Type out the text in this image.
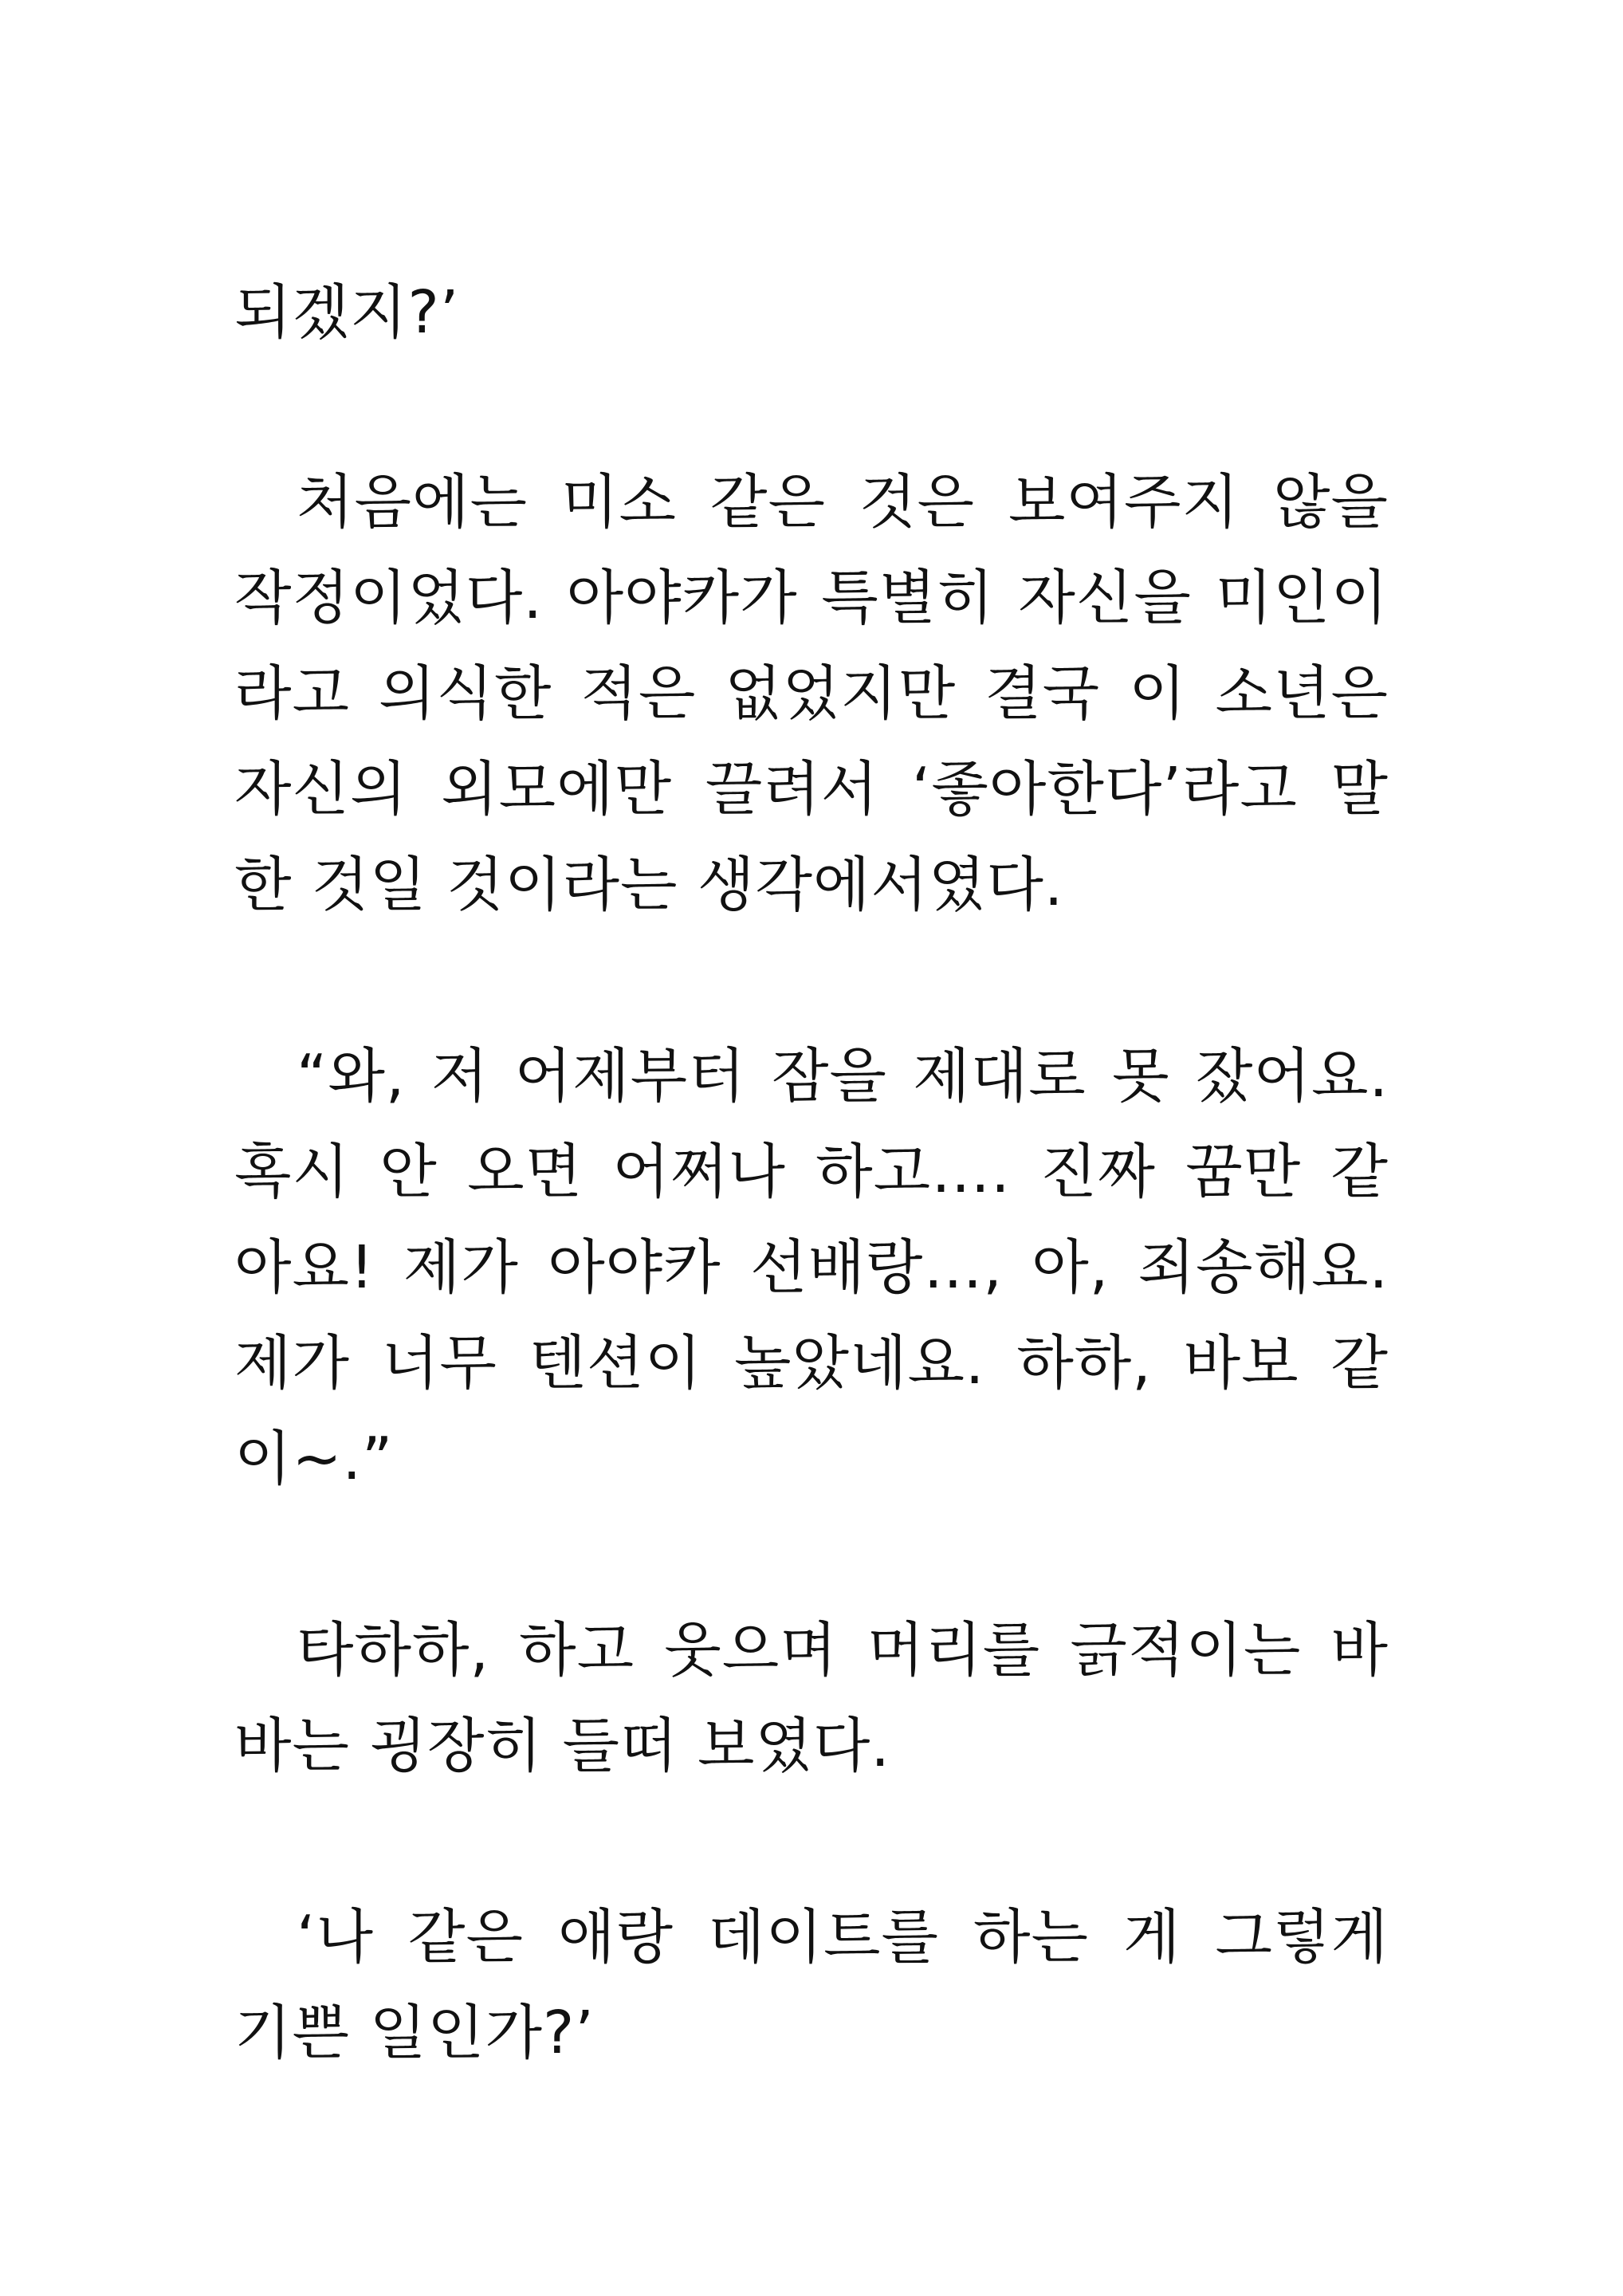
되겠지?’
처음에는 미소 같은 것은 보여주지 않을
작정이었다. 아야카가 특별히 자신을 미인이
라고 의식한 적은 없었지만 결국 이 소년은
자신의 외모에만 끌려서 ‘좋아한다’라고 말
한 것일 것이라는 생각에서였다.
“와, 저 어제부터 잠을 제대로 못 잤어요.
혹시 안 오면 어쩌나 하고…. 진짜 꿈만 같
아요! 제가 아야카 선배랑…, 아, 죄송해요.
제가 너무 텐션이 높았네요. 하하, 바보 같
이~.”
타하하, 하고 웃으며 머리를 긁적이는 바
바는 굉장히 들떠 보였다.
‘나 같은 애랑 데이트를 하는 게 그렇게
기쁜 일인가?’
